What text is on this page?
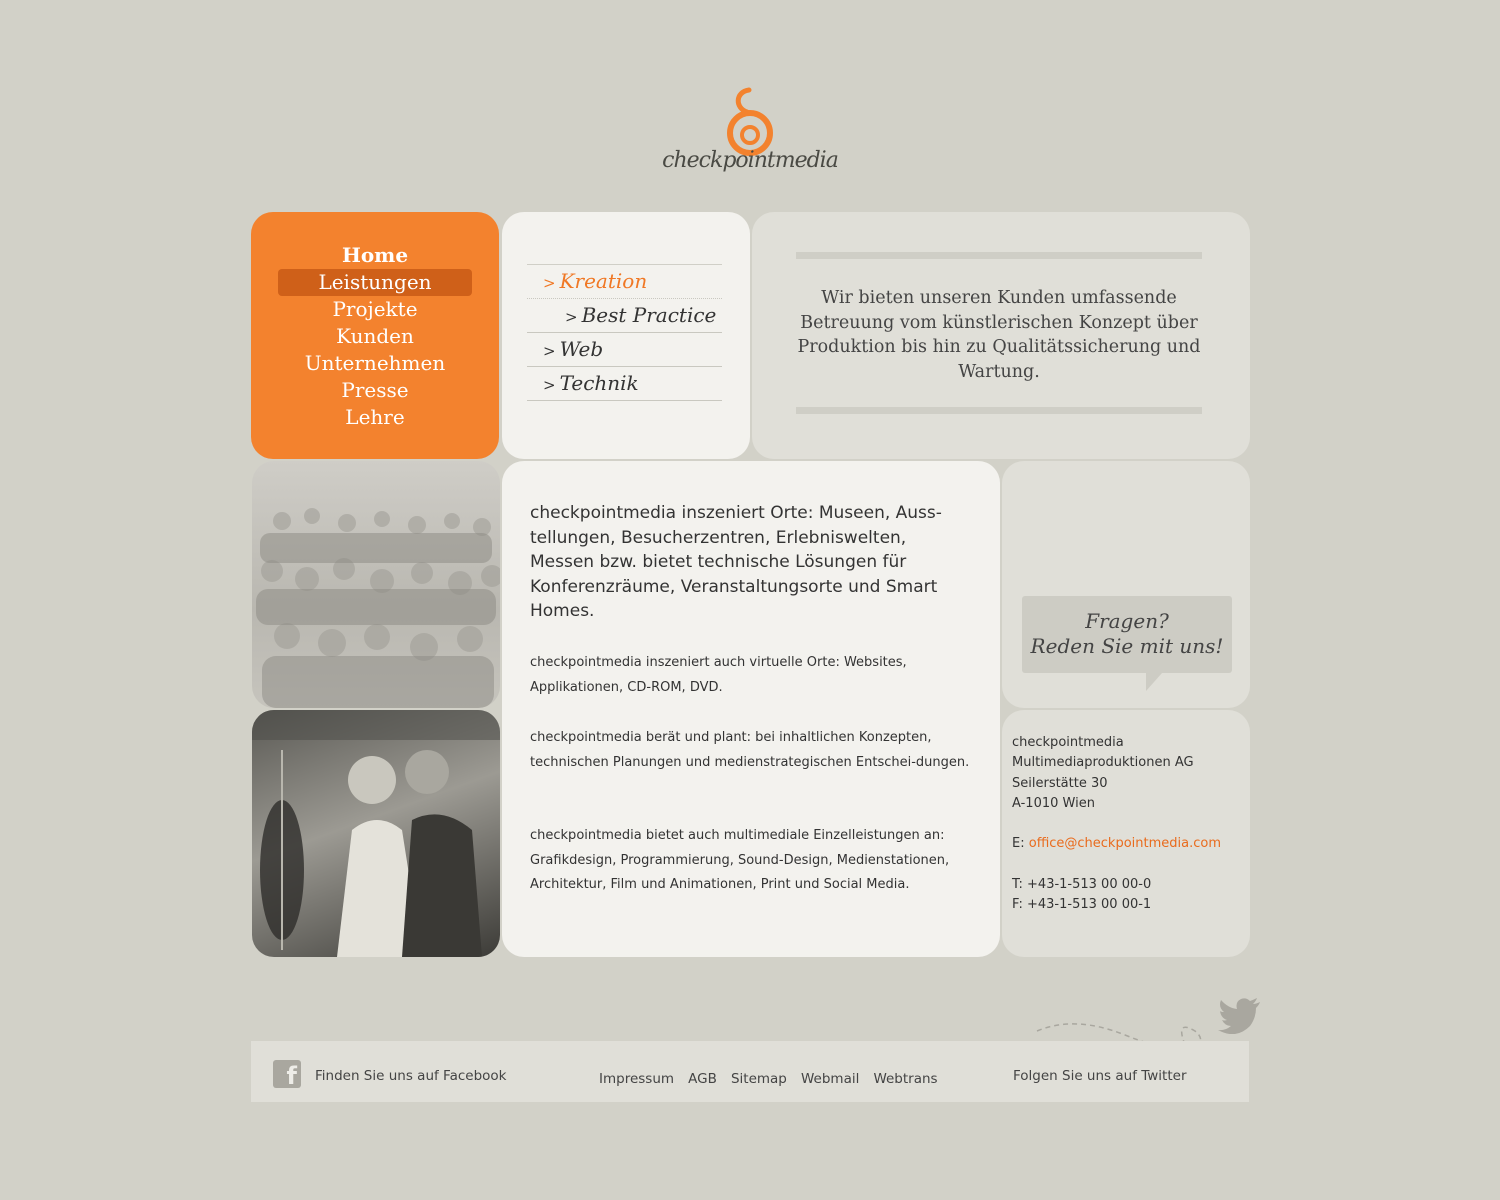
checkpointmedia
Home
Leistungen
Projekte
Kunden
Unternehmen
Presse
Lehre
> Kreation
> Best Practice
> Web
> Technik

Wir bieten unseren Kunden umfassende Betreuung vom künstlerischen Konzept über Produktion bis hin zu Qualitätssicherung und Wartung.

checkpointmedia inszeniert Orte: Museen, Auss-tellungen, Besucherzentren, Erlebniswelten, Messen bzw. bietet technische Lösungen für Konferenzräume, Veranstaltungsorte und Smart Homes.

checkpointmedia inszeniert auch virtuelle Orte: Websites, Applikationen, CD-ROM, DVD.

checkpointmedia berät und plant: bei inhaltlichen Konzepten, technischen Planungen und medienstrategischen Entschei-dungen.

checkpointmedia bietet auch multimediale Einzelleistungen an: Grafikdesign, Programmierung, Sound-Design, Medienstationen, Architektur, Film und Animationen, Print und Social Media.

Fragen?
Reden Sie mit uns!
checkpointmedia
Multimediaproduktionen AG
Seilerstätte 30
A-1010 Wien
E: office@checkpointmedia.com
T: +43-1-513 00 00-0
F: +43-1-513 00 00-1
f Finden Sie uns auf Facebook	Impressum AGB Sitemap Webmail Webtrans	Folgen Sie uns auf Twitter
